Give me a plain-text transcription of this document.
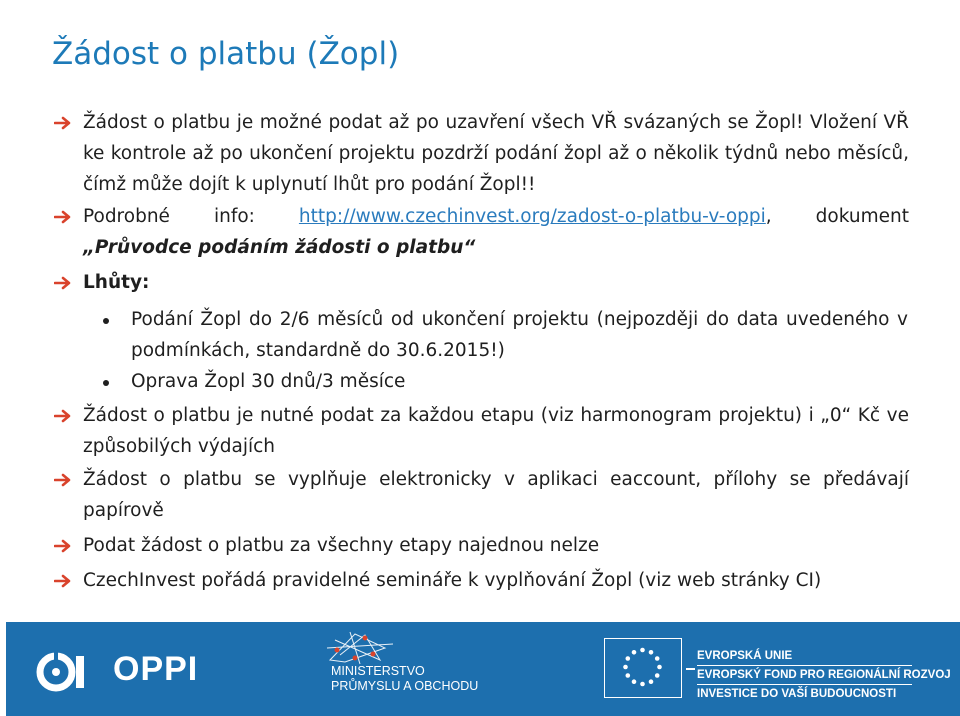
Žádost o platbu (Žopl)
Žádost o platbu je možné podat až po uzavření všech VŘ svázaných se Žopl! Vložení VŘ ke kontrole až po ukončení projektu pozdrží podání žopl až o několik týdnů nebo měsíců, čímž může dojít k uplynutí lhůt pro podání Žopl!!
Podrobné info: http://www.czechinvest.org/zadost-o-platbu-v-oppi, dokument
„Průvodce podáním žádosti o platbu“
Lhůty:
Podání Žopl do 2/6 měsíců od ukončení projektu (nejpozději do data uvedeného v
podmínkách, standardně do 30.6.2015!)
Oprava Žopl 30 dnů/3 měsíce
Žádost o platbu je nutné podat za každou etapu (viz harmonogram projektu) i „0“ Kč ve způsobilých výdajích
Žádost o platbu se vyplňuje elektronicky v aplikaci eaccount, přílohy se předávají papírově
Podat žádost o platbu za všechny etapy najednou nelze
CzechInvest pořádá pravidelné semináře k vyplňování Žopl (viz web stránky CI)
OPPI	MINISTERSTVO
PRŮMYSLU A OBCHODU
EVROPSKÁ UNIE
EVROPSKÝ FOND PRO REGIONÁLNÍ ROZVOJ
INVESTICE DO VAŠÍ BUDOUCNOSTI
